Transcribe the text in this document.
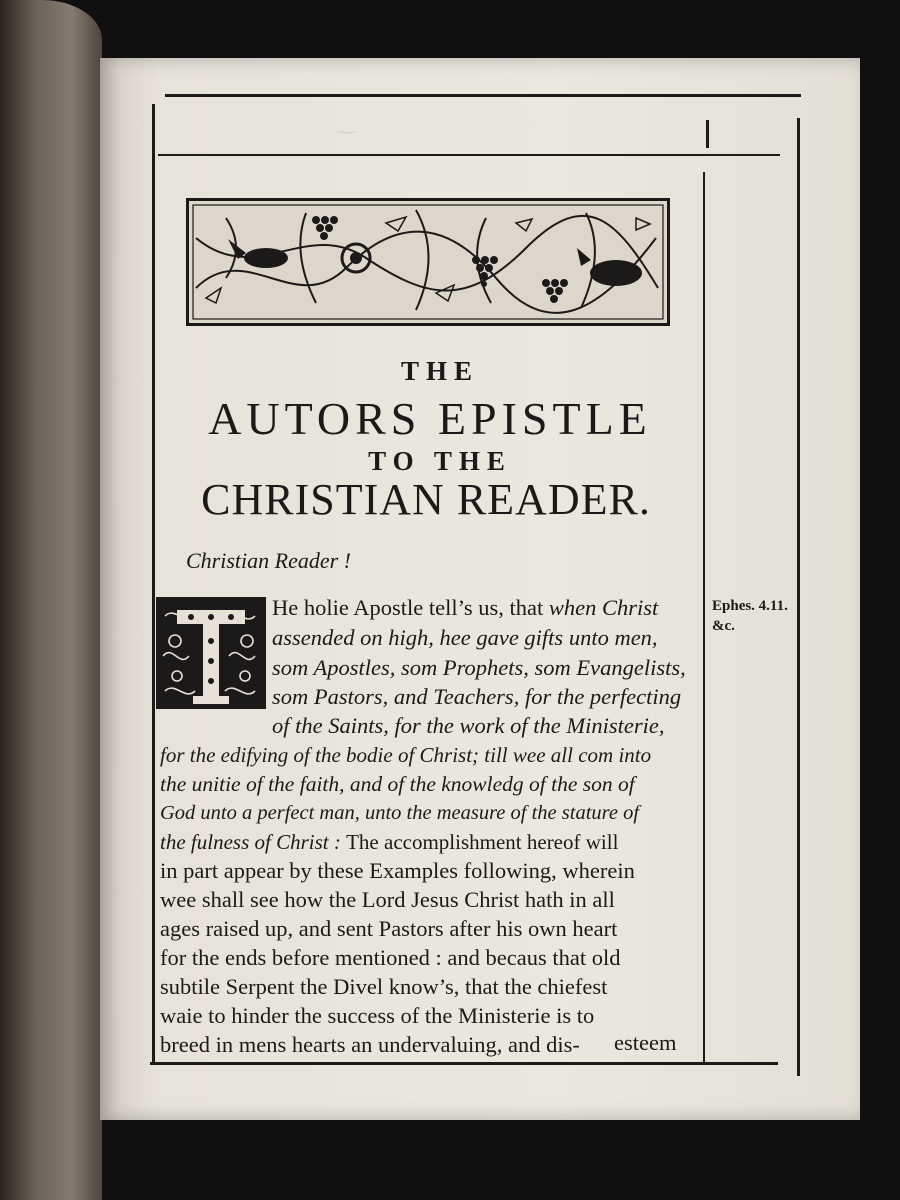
‿
THE
AUTORS EPISTLE
TO THE
CHRISTIAN READER.
Christian Reader !
He holie Apostle tell’s us, that when Christ
assended on high, hee gave gifts unto men,
som Apostles, som Prophets, som Evangelists,
som Pastors, and Teachers, for the perfecting
of the Saints, for the work of the Ministerie,
for the edifying of the bodie of Christ; till wee all com into
the unitie of the faith, and of the knowledg of the son of
God unto a perfect man, unto the measure of the stature of
the fulness of Christ : The accomplishment hereof will
in part appear by these Examples following, wherein
wee shall see how the Lord Jesus Christ hath in all
ages raised up, and sent Pastors after his own heart
for the ends before mentioned : and becaus that old
subtile Serpent the Divel know’s, that the chiefest
waie to hinder the success of the Ministerie is to
breed in mens hearts an undervaluing, and dis- esteem
Ephes. 4.11.
&c.
